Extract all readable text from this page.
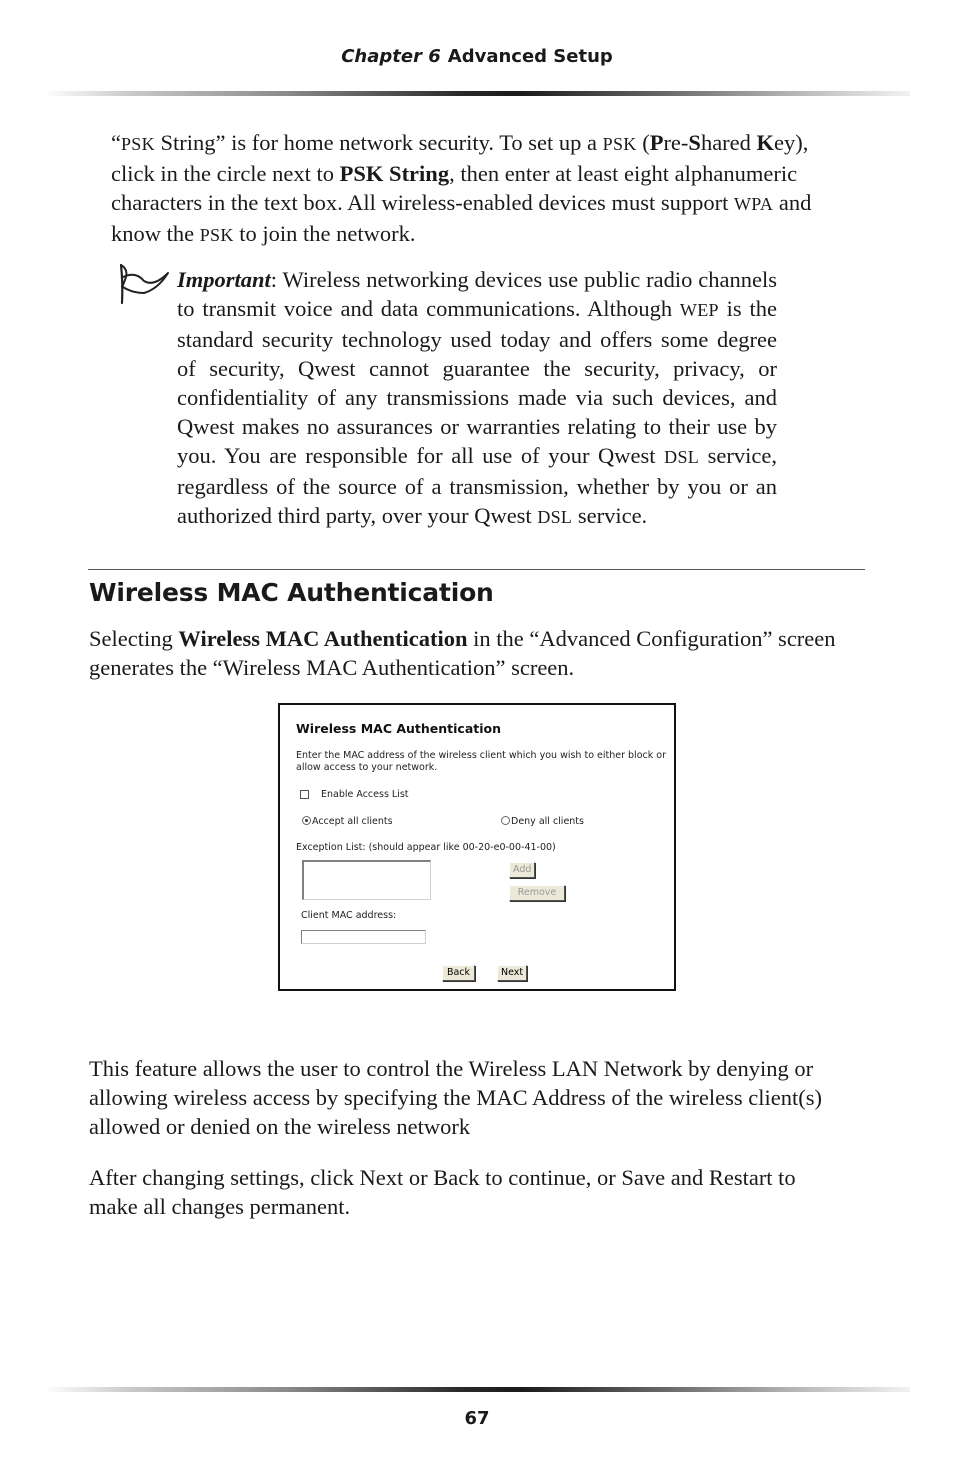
Chapter 6 Advanced Setup

“PSK String” is for home network security. To set up a PSK (Pre-Shared Key), click in the circle next to PSK String, then enter at least eight alphanumeric characters in the text box. All wireless-enabled devices must support WPA and know the PSK to join the network.

Important: Wireless networking devices use public radio channels to transmit voice and data communications. Although WEP is the standard security technology used today and offers some degree of security, Qwest cannot guarantee the security, privacy, or confidentiality of any transmissions made via such devices, and Qwest makes no assurances or warranties relating to their use by you. You are responsible for all use of your Qwest DSL service, regardless of the source of a transmission, whether by you or an authorized third party, over your Qwest DSL service.

Wireless MAC Authentication

Selecting Wireless MAC Authentication in the “Advanced Configuration” screen generates the “Wireless MAC Authentication” screen.

Wireless MAC Authentication
Enter the MAC address of the wireless client which you wish to either block or allow access to your network.
Enable Access List
Accept all clients	Deny all clients
Exception List: (should appear like 00-20-e0-00-41-00)
Add
Remove
Client MAC address:
Back	Next

This feature allows the user to control the Wireless LAN Network by denying or allowing wireless access by specifying the MAC Address of the wireless client(s) allowed or denied on the wireless network

After changing settings, click Next or Back to continue, or Save and Restart to make all changes permanent.

67
